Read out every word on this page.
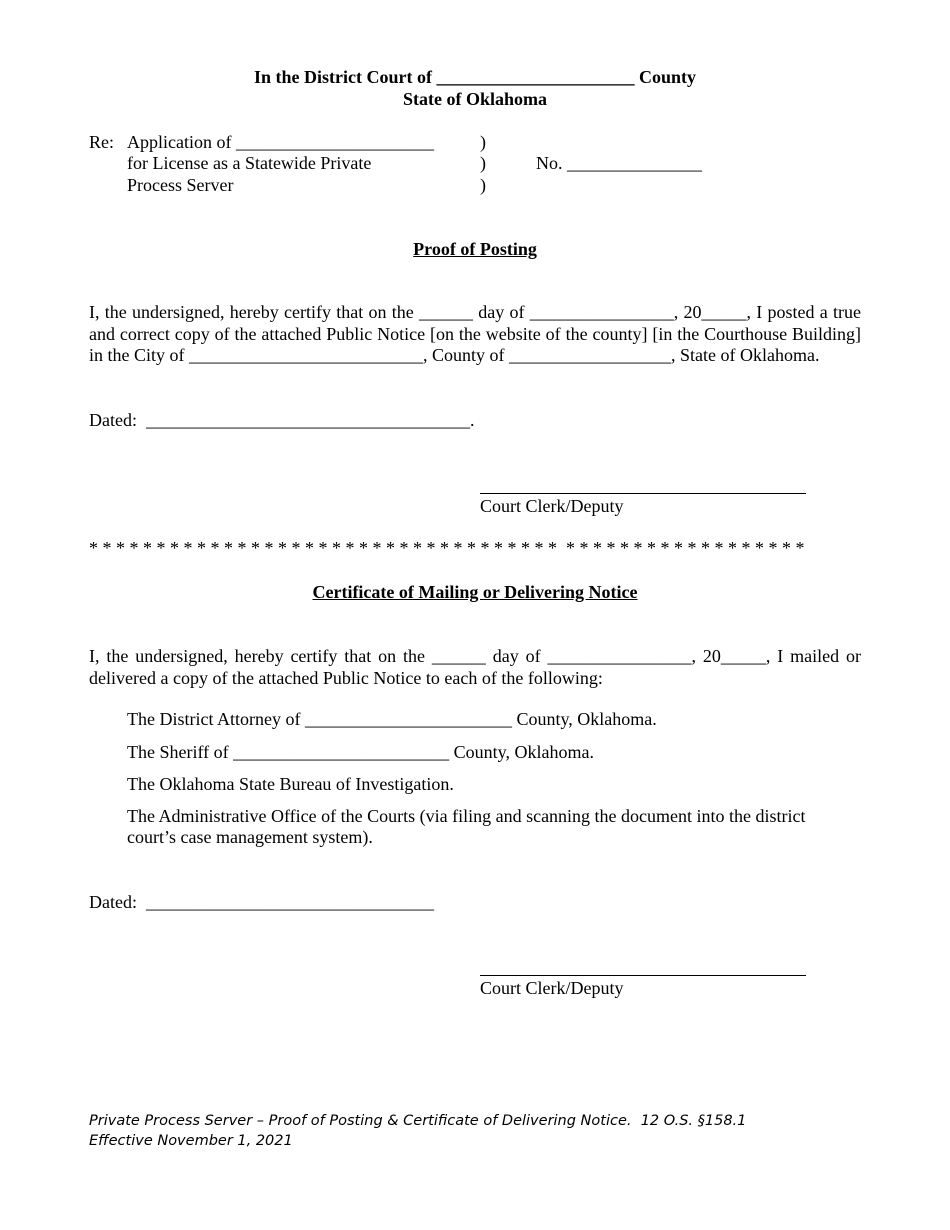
In the District Court of ______________________ County
State of Oklahoma
Re: Application of ______________________
for License as a Statewide Private
Process Server
)
)
)
No. _______________
Proof of Posting
I, the undersigned, hereby certify that on the ______ day of ________________, 20_____, I posted a true and correct copy of the attached Public Notice [on the website of the county] [in the Courthouse Building] in the City of __________________________, County of __________________, State of Oklahoma.
Dated:  ____________________________________.
Court Clerk/Deputy
* * * * * * * * * * * * * * * * * * * * * * * * * * * * * * * * * * *  * * * * * * * * * * * * * * * * * *
Certificate of Mailing or Delivering Notice
I, the undersigned, hereby certify that on the ______ day of ________________, 20_____, I mailed or delivered a copy of the attached Public Notice to each of the following:
The District Attorney of _______________________ County, Oklahoma.
The Sheriff of ________________________ County, Oklahoma.
The Oklahoma State Bureau of Investigation.
The Administrative Office of the Courts (via filing and scanning the document into the district court’s case management system).
Dated:  ________________________________
Court Clerk/Deputy
Private Process Server – Proof of Posting & Certificate of Delivering Notice.  12 O.S. §158.1
Effective November 1, 2021
